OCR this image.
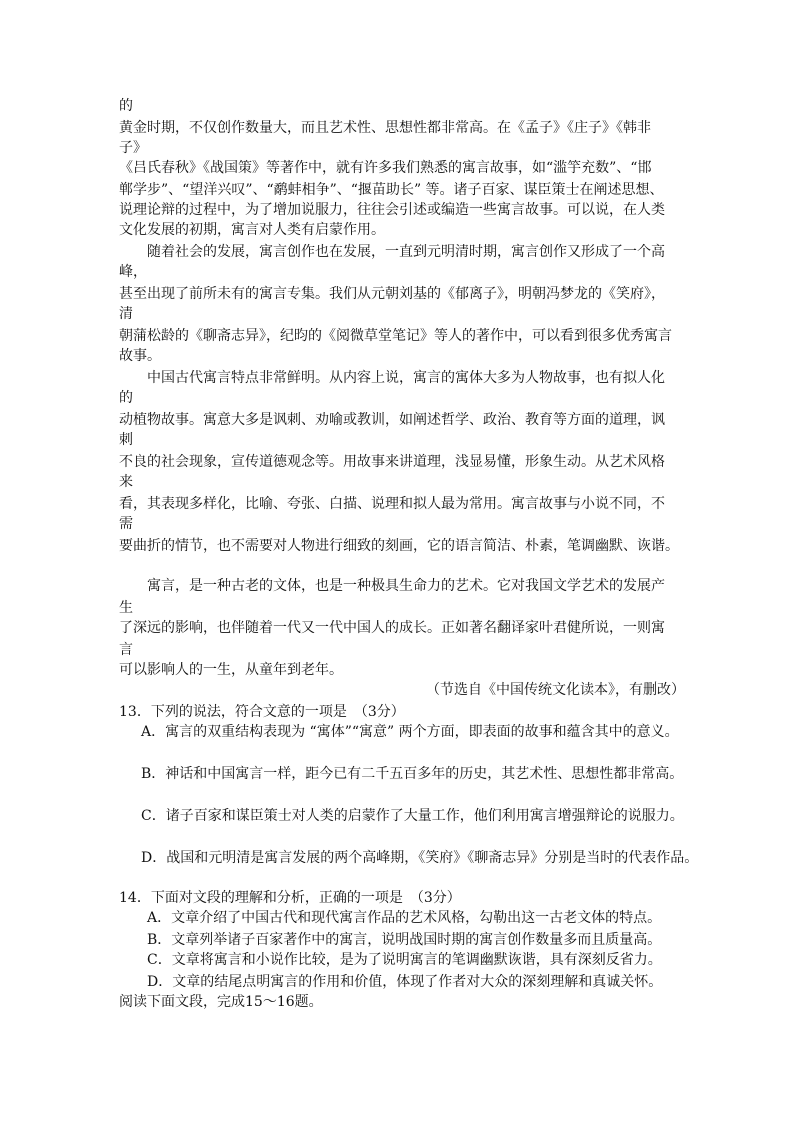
的
黄金时期，不仅创作数量大，而且艺术性、思想性都非常高。在《孟子》《庄子》《韩非
子》
《吕氏春秋》《战国策》等著作中，就有许多我们熟悉的寓言故事，如“滥竽充数”、“邯
郸学步”、“望洋兴叹”、“鹬蚌相争”、“揠苗助长” 等。诸子百家、谋臣策士在阐述思想、
说理论辩的过程中，为了增加说服力，往往会引述或编造一些寓言故事。可以说，在人类
文化发展的初期，寓言对人类有启蒙作用。
随着社会的发展，寓言创作也在发展，一直到元明清时期，寓言创作又形成了一个高
峰，
甚至出现了前所未有的寓言专集。我们从元朝刘基的《郁离子》，明朝冯梦龙的《笑府》，
清
朝蒲松龄的《聊斋志异》，纪昀的《阅微草堂笔记》等人的著作中，可以看到很多优秀寓言
故事。
中国古代寓言特点非常鲜明。从内容上说，寓言的寓体大多为人物故事，也有拟人化
的
动植物故事。寓意大多是讽刺、劝喻或教训，如阐述哲学、政治、教育等方面的道理，讽
刺
不良的社会现象，宣传道德观念等。用故事来讲道理，浅显易懂，形象生动。从艺术风格
来
看，其表现多样化，比喻、夸张、白描、说理和拟人最为常用。寓言故事与小说不同，不
需
要曲折的情节，也不需要对人物进行细致的刻画，它的语言简洁、朴素，笔调幽默、诙谐。
寓言，是一种古老的文体，也是一种极具生命力的艺术。它对我国文学艺术的发展产
生
了深远的影响，也伴随着一代又一代中国人的成长。正如著名翻译家叶君健所说，一则寓
言
可以影响人的一生，从童年到老年。
（节选自《中国传统文化读本》，有删改）
13．下列的说法，符合文意的一项是　（3分）
A．寓言的双重结构表现为 “寓体”“寓意” 两个方面，即表面的故事和蕴含其中的意义。
B．神话和中国寓言一样，距今已有二千五百多年的历史，其艺术性、思想性都非常高。
C．诸子百家和谋臣策士对人类的启蒙作了大量工作，他们利用寓言增强辩论的说服力。
D．战国和元明清是寓言发展的两个高峰期，《笑府》《聊斋志异》分别是当时的代表作品。
14．下面对文段的理解和分析，正确的一项是　（3分）
A．文章介绍了中国古代和现代寓言作品的艺术风格，勾勒出这一古老文体的特点。
B．文章列举诸子百家著作中的寓言，说明战国时期的寓言创作数量多而且质量高。
C．文章将寓言和小说作比较，是为了说明寓言的笔调幽默诙谐，具有深刻反省力。
D．文章的结尾点明寓言的作用和价值，体现了作者对大众的深刻理解和真诚关怀。
阅读下面文段，完成15～16题。
